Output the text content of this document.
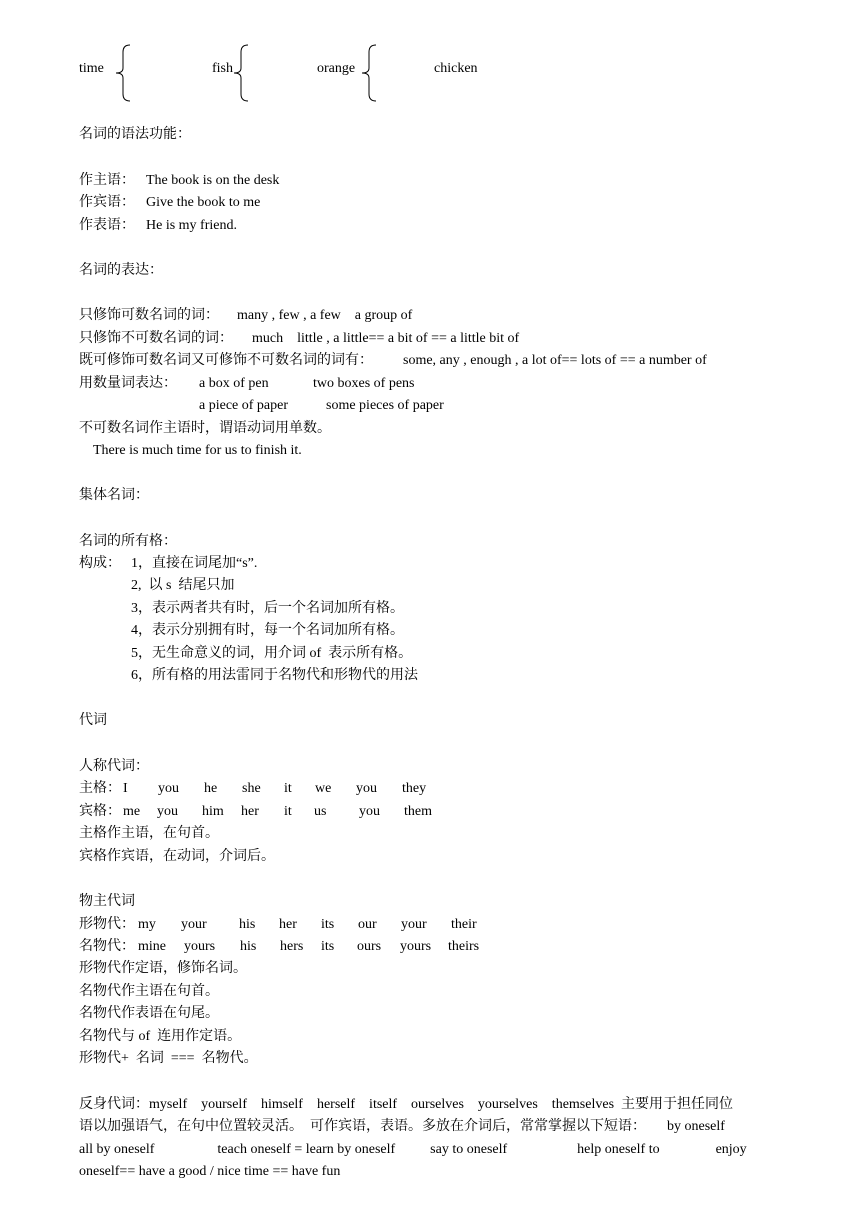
time	fish	orange	chicken
名词的语法功能：
作主语： The book is on the desk
作宾语： Give the book to me
作表语： He is my friend.
名词的表达：
只修饰可数名词的词： many , few , a few    a group of
只修饰不可数名词的词： much    little , a little== a bit of == a little bit of
既可修饰可数名词又可修饰不可数名词的词有： some, any , enough , a lot of== lots of == a number of
用数量词表达： a box of pen	two boxes of pens
a piece of paper	some pieces of paper
不可数名词作主语时，谓语动词用单数。
There is much time for us to finish it.
集体名词：
名词的所有格：
构成： 1，直接在词尾加“s”.
2,  以 s  结尾只加
3，表示两者共有时，后一个名词加所有格。
4，表示分别拥有时，每一个名词加所有格。
5，无生命意义的词，用介词 of  表示所有格。
6，所有格的用法雷同于名物代和形物代的用法
代词
人称代词：
主格： I you he she it we you they
宾格： me you him her it us you them
主格作主语，在句首。
宾格作宾语，在动词，介词后。
物主代词
形物代： my your his her its our your their
名物代： mine yours his hers its ours yours theirs
形物代作定语，修饰名词。
名物代作主语在句首。
名物代作表语在句尾。
名物代与 of  连用作定语。
形物代+  名词  ===  名物代。
反身代词：myself    yourself    himself    herself    itself    ourselves    yourselves    themselves  主要用于担任同位
语以加强语气，在句中位置较灵活。  可作宾语，表语。多放在介词后，常常掌握以下短语：      by oneself
all by oneself                  teach oneself = learn by oneself          say to oneself                    help oneself to                enjoy
oneself== have a good / nice time == have fun
